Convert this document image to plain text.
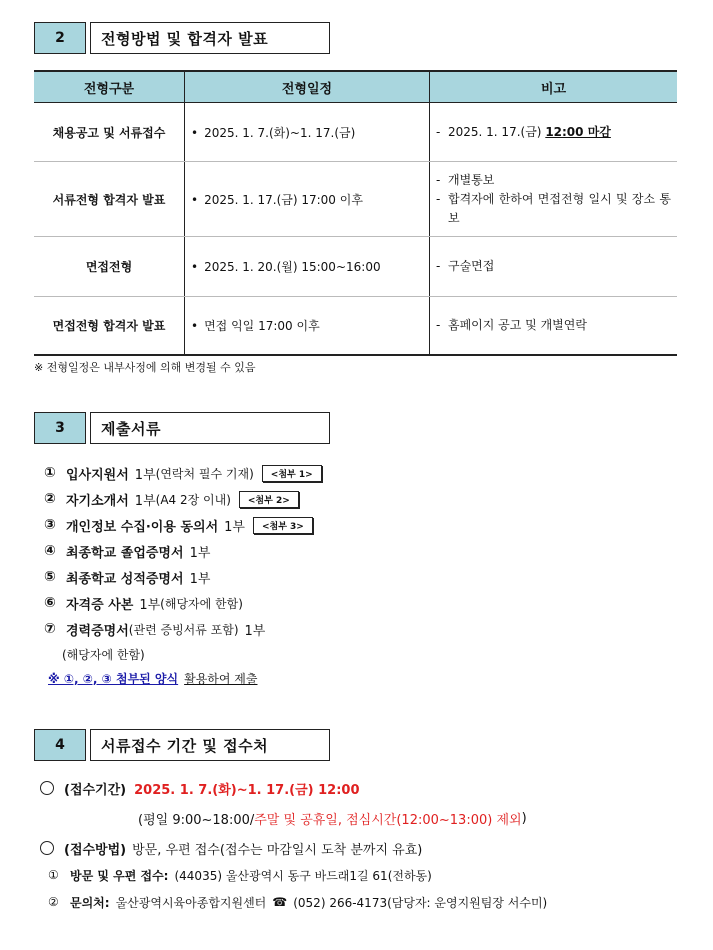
2	전형방법 및 합격자 발표
전형구분	전형일정	비고
채용공고 및 서류접수	• 2025. 1. 7.(화)~1. 17.(금)	- 2025. 1. 17.(금) 12:00 마감

서류전형 합격자 발표	• 2025. 1. 17.(금) 17:00 이후	- 개별통보
- 합격자에 한하여 면접전형 일시 및 장소 통보

면접전형	• 2025. 1. 20.(월) 15:00~16:00	- 구술면접

면접전형 합격자 발표	• 면접 익일 17:00 이후	- 홈페이지 공고 및 개별연락
※ 전형일정은 내부사정에 의해 변경될 수 있음
3	제출서류
① 입사지원서 1부 (연락처 필수 기재)	<첨부 1>
② 자기소개서 1부 (A4 2장 이내)	<첨부 2>
③ 개인정보 수집·이용 동의서 1부	<첨부 3>
④ 최종학교 졸업증명서 1부
⑤ 최종학교 성적증명서 1부
⑥ 자격증 사본 1부 (해당자에 한함)
⑦ 경력증명서 (관련 증빙서류 포함) 1부
(해당자에 한함)
※ ①, ②, ③ 첨부된 양식 활용하여 제출
4	서류접수 기간 및 접수처
(접수기간) 2025. 1. 7.(화)~1. 17.(금) 12:00
(평일 9:00~18:00/ 주말 및 공휴일, 점심시간(12:00~13:00) 제외 )
(접수방법) 방문, 우편 접수(접수는 마감일시 도착 분까지 유효)
① 방문 및 우편 접수: (44035) 울산광역시 동구 바드래1길 61(전하동)
② 문의처: 울산광역시육아종합지원센터 ☎ (052) 266-4173(담당자: 운영지원팀장 서수미)
